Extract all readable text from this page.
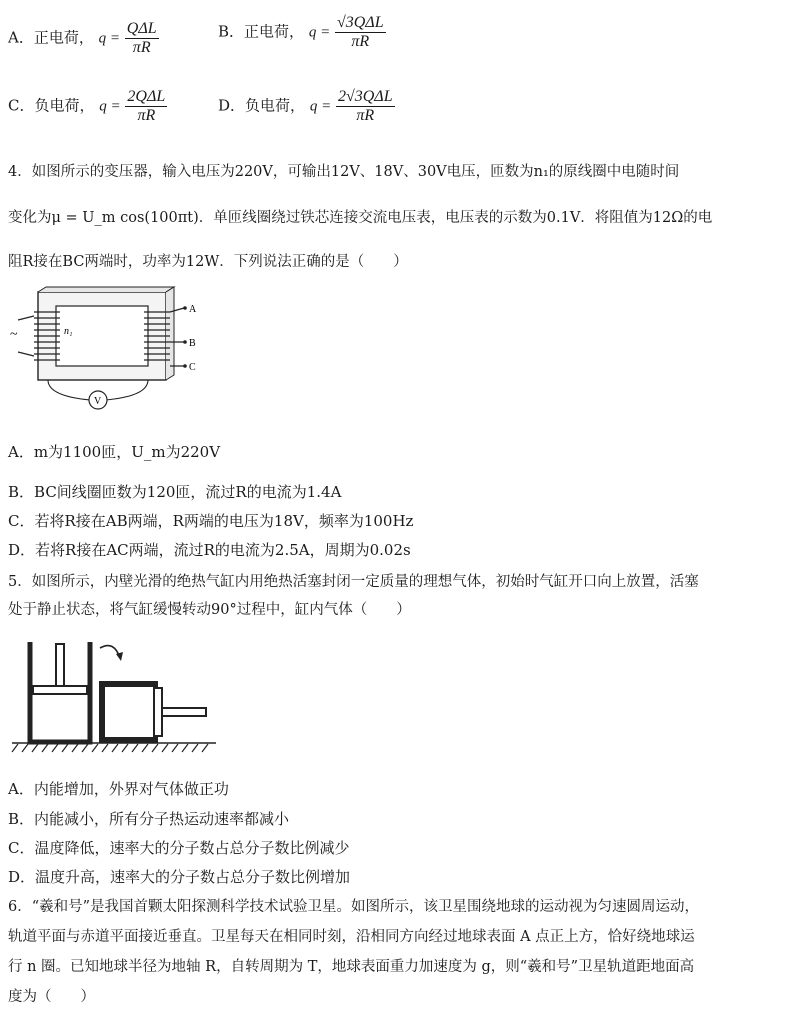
A．正电荷， $q = \frac{\text{QΔL}}{\pi R}$	B．正电荷， $q = \frac{\text{√3QΔL}}{\pi R}$
C．负电荷， $q = \frac{\text{2QΔL}}{\pi R}$	D．负电荷， $q = \frac{\text{2√3QΔL}}{\pi R}$
4．如图所示的变压器，输入电压为220V，可输出12V、18V、30V电压，匝数为n₁的原线圈中电随时间
变化为μ = U_m cos(100πt)．单匝线圈绕过铁芯连接交流电压表，电压表的示数为0.1V．将阻值为12Ω的电
阻R接在BC两端时，功率为12W．下列说法正确的是（　　）
~	n₁
A
B
C
V
A．m为1100匝，U_m为220V
B．BC间线圈匝数为120匝，流过R的电流为1.4A
C．若将R接在AB两端，R两端的电压为18V，频率为100Hz
D．若将R接在AC两端，流过R的电流为2.5A，周期为0.02s
5．如图所示，内壁光滑的绝热气缸内用绝热活塞封闭一定质量的理想气体，初始时气缸开口向上放置，活塞
处于静止状态，将气缸缓慢转动90°过程中，缸内气体（　　）
A．内能增加，外界对气体做正功
B．内能减小，所有分子热运动速率都减小
C．温度降低，速率大的分子数占总分子数比例减少
D．温度升高，速率大的分子数占总分子数比例增加
6．“羲和号”是我国首颗太阳探测科学技术试验卫星。如图所示，该卫星围绕地球的运动视为匀速圆周运动，
轨道平面与赤道平面接近垂直。卫星每天在相同时刻，沿相同方向经过地球表面 A 点正上方，恰好绕地球运
行 n 圈。已知地球半径为地轴 R，自转周期为 T，地球表面重力加速度为 g，则“羲和号”卫星轨道距地面高
度为（　　）
